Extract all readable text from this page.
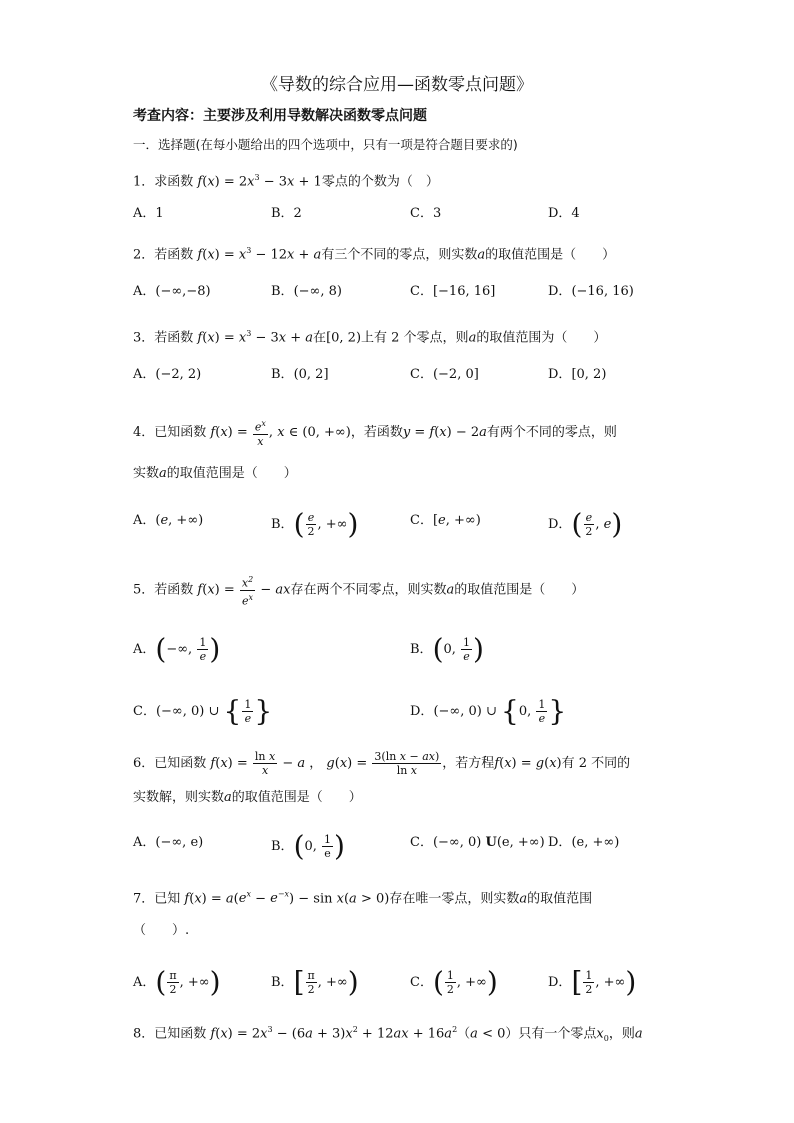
《导数的综合应用—函数零点问题》
考查内容：主要涉及利用导数解决函数零点问题
一．选择题(在每小题给出的四个选项中，只有一项是符合题目要求的)
1．求函数 $f(x) = 2x^3 - 3x + 1$零点的个数为（　）
A．1	B．2	C．3	D．4
2．若函数 $f(x) = x^3 - 12x + a$有三个不同的零点，则实数a的取值范围是（　　）
A．(−∞,−8)	B．(−∞, 8)	C．[−16, 16]	D．(−16, 16)
3．若函数 $f(x) = x^3 - 3x + a$在[0, 2)上有 2 个零点，则a的取值范围为（　　）
A．(−2, 2)	B．(0, 2]	C．(−2, 0]	D．[0, 2)
4．已知函数 $f(x) = \frac{e^x}{x}$ , x ∈ (0, +∞)，若函数y = f(x) − 2a有两个不同的零点，则
实数a的取值范围是（　　）
A．(e, +∞)	B．( $\frac{e}{2}$ , +∞)	C．[e, +∞)	D．( $\frac{e}{2}$ , e)
5．若函数 $f(x) = \frac{x^2}{e^x}$ − ax存在两个不同零点，则实数a的取值范围是（　　）
A．(−∞, $\frac{1}{e}$ )	B．(0, $\frac{1}{e}$ )
C．(−∞, 0) ∪ { $\frac{1}{e}$ }	D．(−∞, 0) ∪ {0, $\frac{1}{e}$ }
6．已知函数 $f(x) = \frac{\text{ln x}}{x} - a$ ， $g(x) = \frac{\text{3(ln x − ax)}}{\text{ln x}}$ ，若方程f(x) = g(x)有 2 不同的
实数解，则实数a的取值范围是（　　）
A．(−∞, e)	B．(0, $\frac{1}{e}$ )	C．(−∞, 0) U(e, +∞) D．(e, +∞)
7．已知 $f(x) = a(e^x - e^{-x}) - \sin x(a > 0)$存在唯一零点，则实数a的取值范围
（　　）.
A．( $\frac{\pi}{2}$ , +∞)	B．[ $\frac{\pi}{2}$ , +∞)	C．( $\frac{1}{2}$ , +∞)	D．[ $\frac{1}{2}$ , +∞)
8．已知函数 $f(x) = 2x^3 - (6a + 3)x^2 + 12ax + 16a^2(a < 0)$只有一个零点$x_0$，则a
